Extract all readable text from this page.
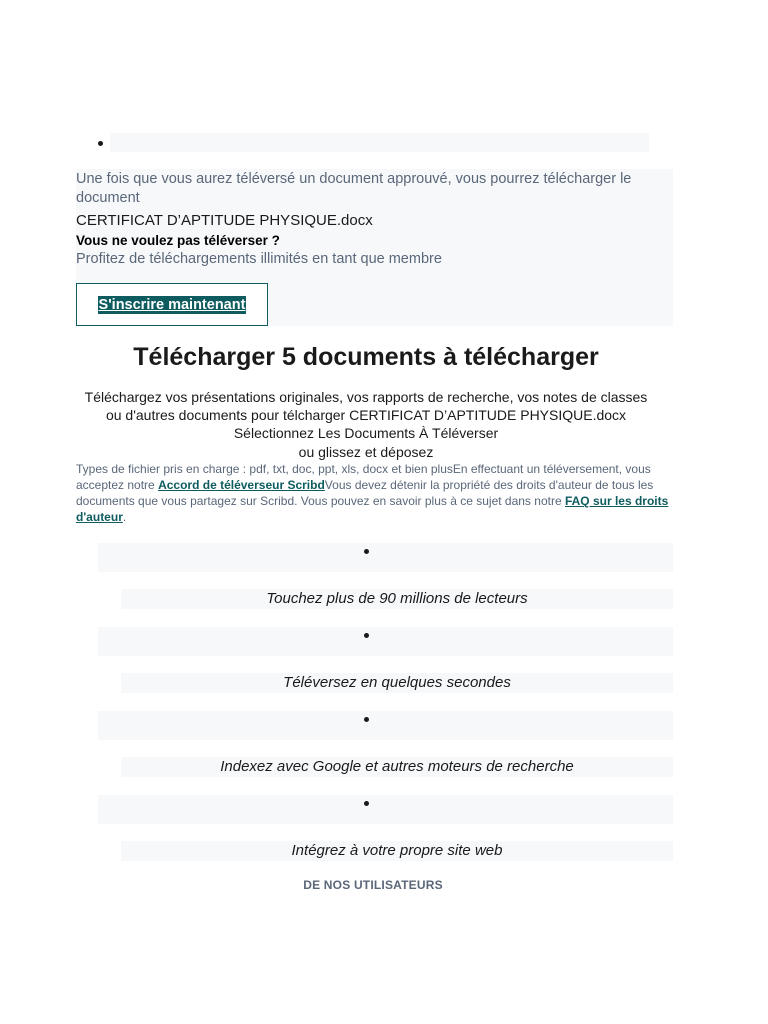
Une fois que vous aurez téléversé un document approuvé, vous pourrez télécharger le document
CERTIFICAT D’APTITUDE PHYSIQUE.docx
Vous ne voulez pas téléverser ?
Profitez de téléchargements illimités en tant que membre
S'inscrire maintenant
Télécharger 5 documents à télécharger
Téléchargez vos présentations originales, vos rapports de recherche, vos notes de classes
ou d'autres documents pour télcharger CERTIFICAT D’APTITUDE PHYSIQUE.docx
Sélectionnez Les Documents À Téléverser
ou glissez et déposez
Types de fichier pris en charge : pdf, txt, doc, ppt, xls, docx et bien plusEn effectuant un téléversement, vous acceptez notre Accord de téléverseur ScribdVous devez détenir la propriété des droits d'auteur de tous les documents que vous partagez sur Scribd. Vous pouvez en savoir plus à ce sujet dans notre FAQ sur les droits d'auteur.
Touchez plus de 90 millions de lecteurs
Téléversez en quelques secondes
Indexez avec Google et autres moteurs de recherche
Intégrez à votre propre site web
DE NOS UTILISATEURS
